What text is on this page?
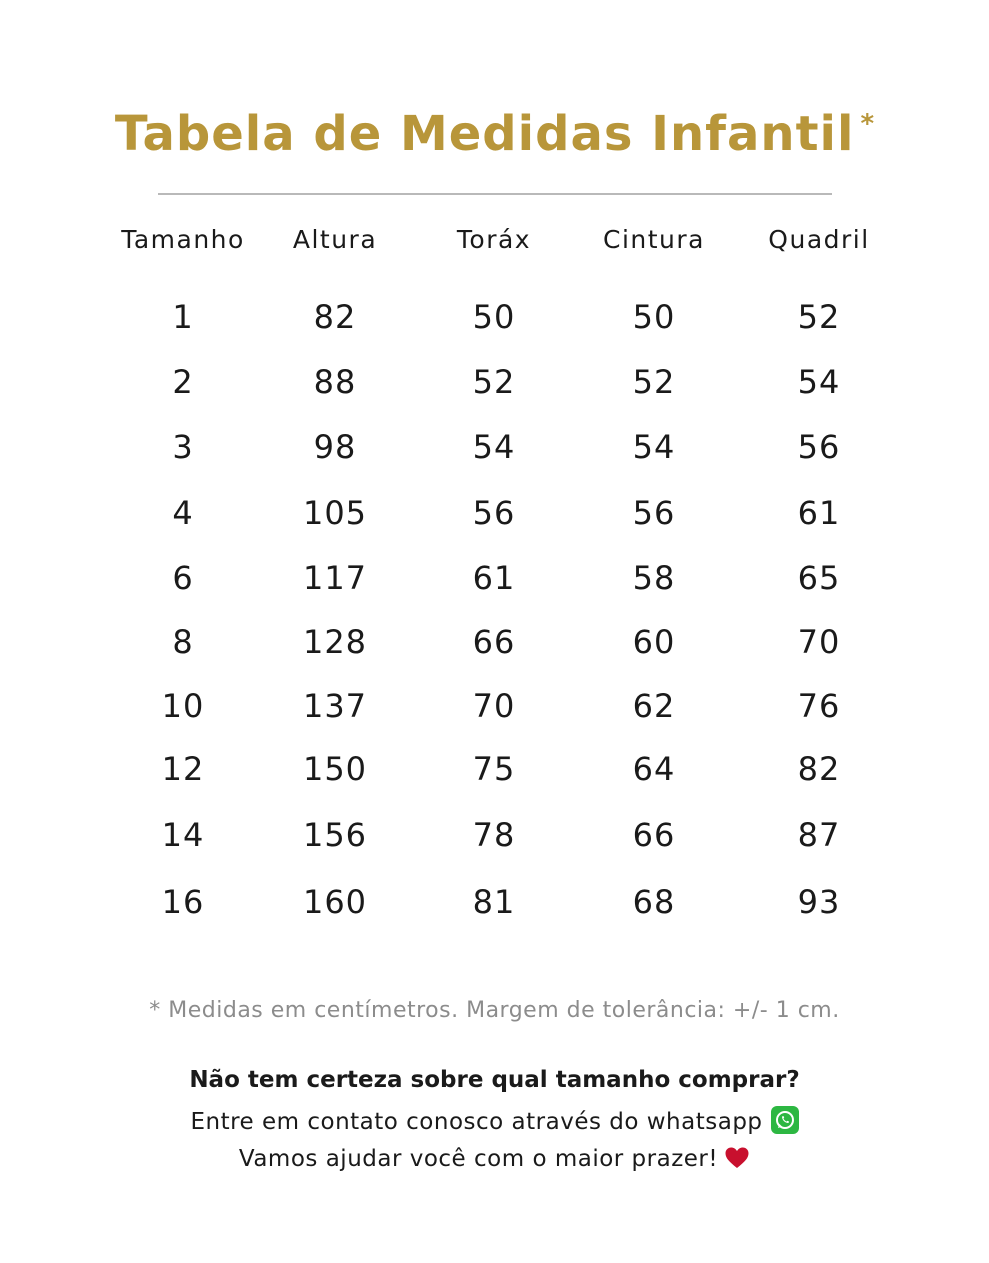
Tabela de Medidas Infantil *
Tamanho	Altura	Toráx	Cintura	Quadril
1	82	50	50	52
2	88	52	52	54
3	98	54	54	56
4	105	56	56	61
6	117	61	58	65
8	128	66	60	70
10	137	70	62	76
12	150	75	64	82
14	156	78	66	87
16	160	81	68	93
* Medidas em centímetros. Margem de tolerância: +/- 1 cm.
Não tem certeza sobre qual tamanho comprar?
Entre em contato conosco através do whatsapp
Vamos ajudar você com o maior prazer!
